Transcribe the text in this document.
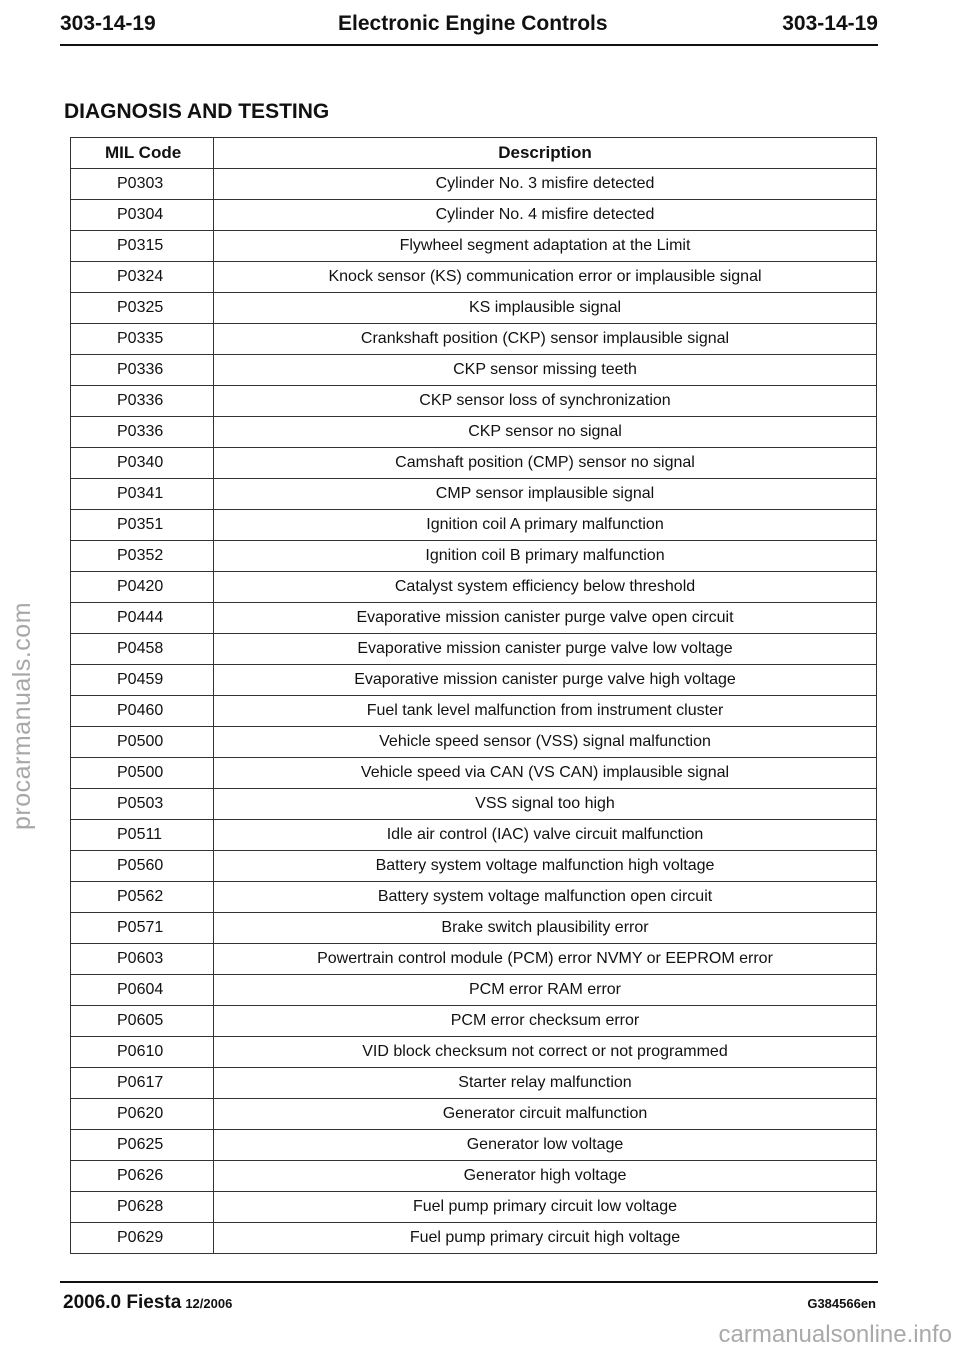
303-14-19	Electronic Engine Controls	303-14-19
DIAGNOSIS AND TESTING
MIL Code	Description
P0303	Cylinder No. 3 misfire detected
P0304	Cylinder No. 4 misfire detected
P0315	Flywheel segment adaptation at the Limit
P0324	Knock sensor (KS) communication error or implausible signal
P0325	KS implausible signal
P0335	Crankshaft position (CKP) sensor implausible signal
P0336	CKP sensor missing teeth
P0336	CKP sensor loss of synchronization
P0336	CKP sensor no signal
P0340	Camshaft position (CMP) sensor no signal
P0341	CMP sensor implausible signal
P0351	Ignition coil A primary malfunction
P0352	Ignition coil B primary malfunction
P0420	Catalyst system efficiency below threshold
P0444	Evaporative mission canister purge valve open circuit
P0458	Evaporative mission canister purge valve low voltage
P0459	Evaporative mission canister purge valve high voltage
P0460	Fuel tank level malfunction from instrument cluster
P0500	Vehicle speed sensor (VSS) signal malfunction
P0500	Vehicle speed via CAN (VS CAN) implausible signal
P0503	VSS signal too high
P0511	Idle air control (IAC) valve circuit malfunction
P0560	Battery system voltage malfunction high voltage
P0562	Battery system voltage malfunction open circuit
P0571	Brake switch plausibility error
P0603	Powertrain control module (PCM) error NVMY or EEPROM error
P0604	PCM error RAM error
P0605	PCM error checksum error
P0610	VID block checksum not correct or not programmed
P0617	Starter relay malfunction
P0620	Generator circuit malfunction
P0625	Generator low voltage
P0626	Generator high voltage
P0628	Fuel pump primary circuit low voltage
P0629	Fuel pump primary circuit high voltage
procarmanuals.com
2006.0 Fiesta 12/2006	G384566en
carmanualsonline.info
